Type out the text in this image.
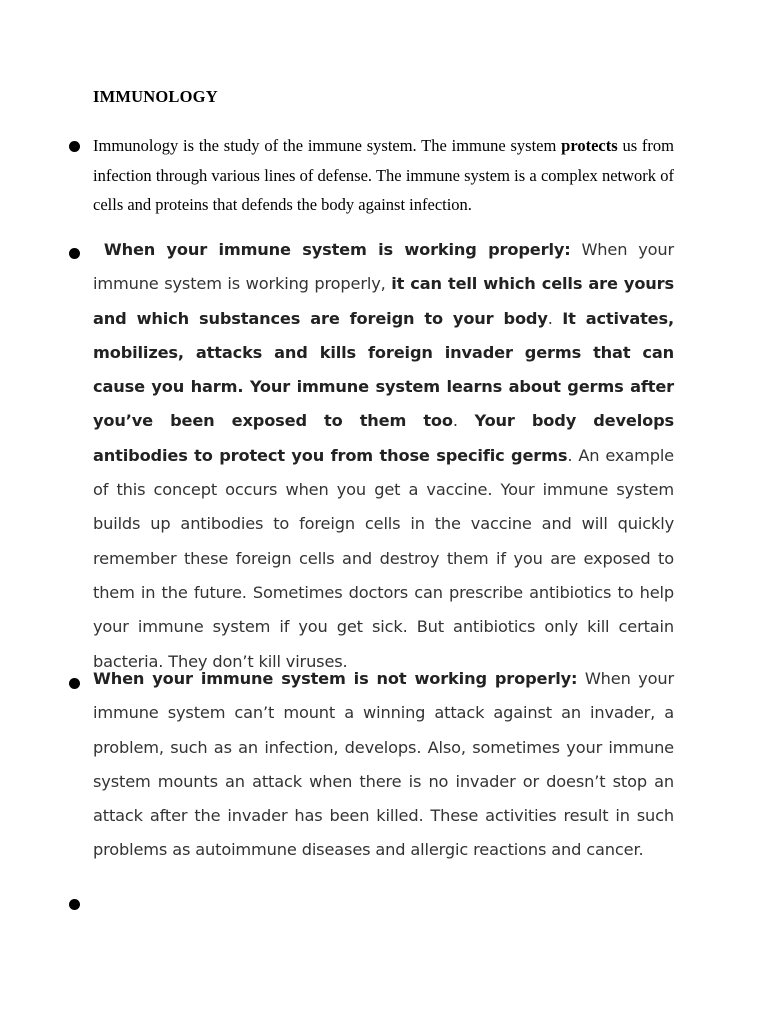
IMMUNOLOGY

Immunology is the study of the immune system. The immune system protects us from infection through various lines of defense. The immune system is a complex network of cells and proteins that defends the body against infection.

When your immune system is working properly: When your immune system is working properly, it can tell which cells are yours and which substances are foreign to your body. It activates, mobilizes, attacks and kills foreign invader germs that can cause you harm. Your immune system learns about germs after you’ve been exposed to them too. Your body develops antibodies to protect you from those specific germs. An example of this concept occurs when you get a vaccine. Your immune system builds up antibodies to foreign cells in the vaccine and will quickly remember these foreign cells and destroy them if you are exposed to them in the future. Sometimes doctors can prescribe antibiotics to help your immune system if you get sick. But antibiotics only kill certain bacteria. They don’t kill viruses.

When your immune system is not working properly: When your immune system can’t mount a winning attack against an invader, a problem, such as an infection, develops. Also, sometimes your immune system mounts an attack when there is no invader or doesn’t stop an attack after the invader has been killed. These activities result in such problems as autoimmune diseases and allergic reactions and cancer.
